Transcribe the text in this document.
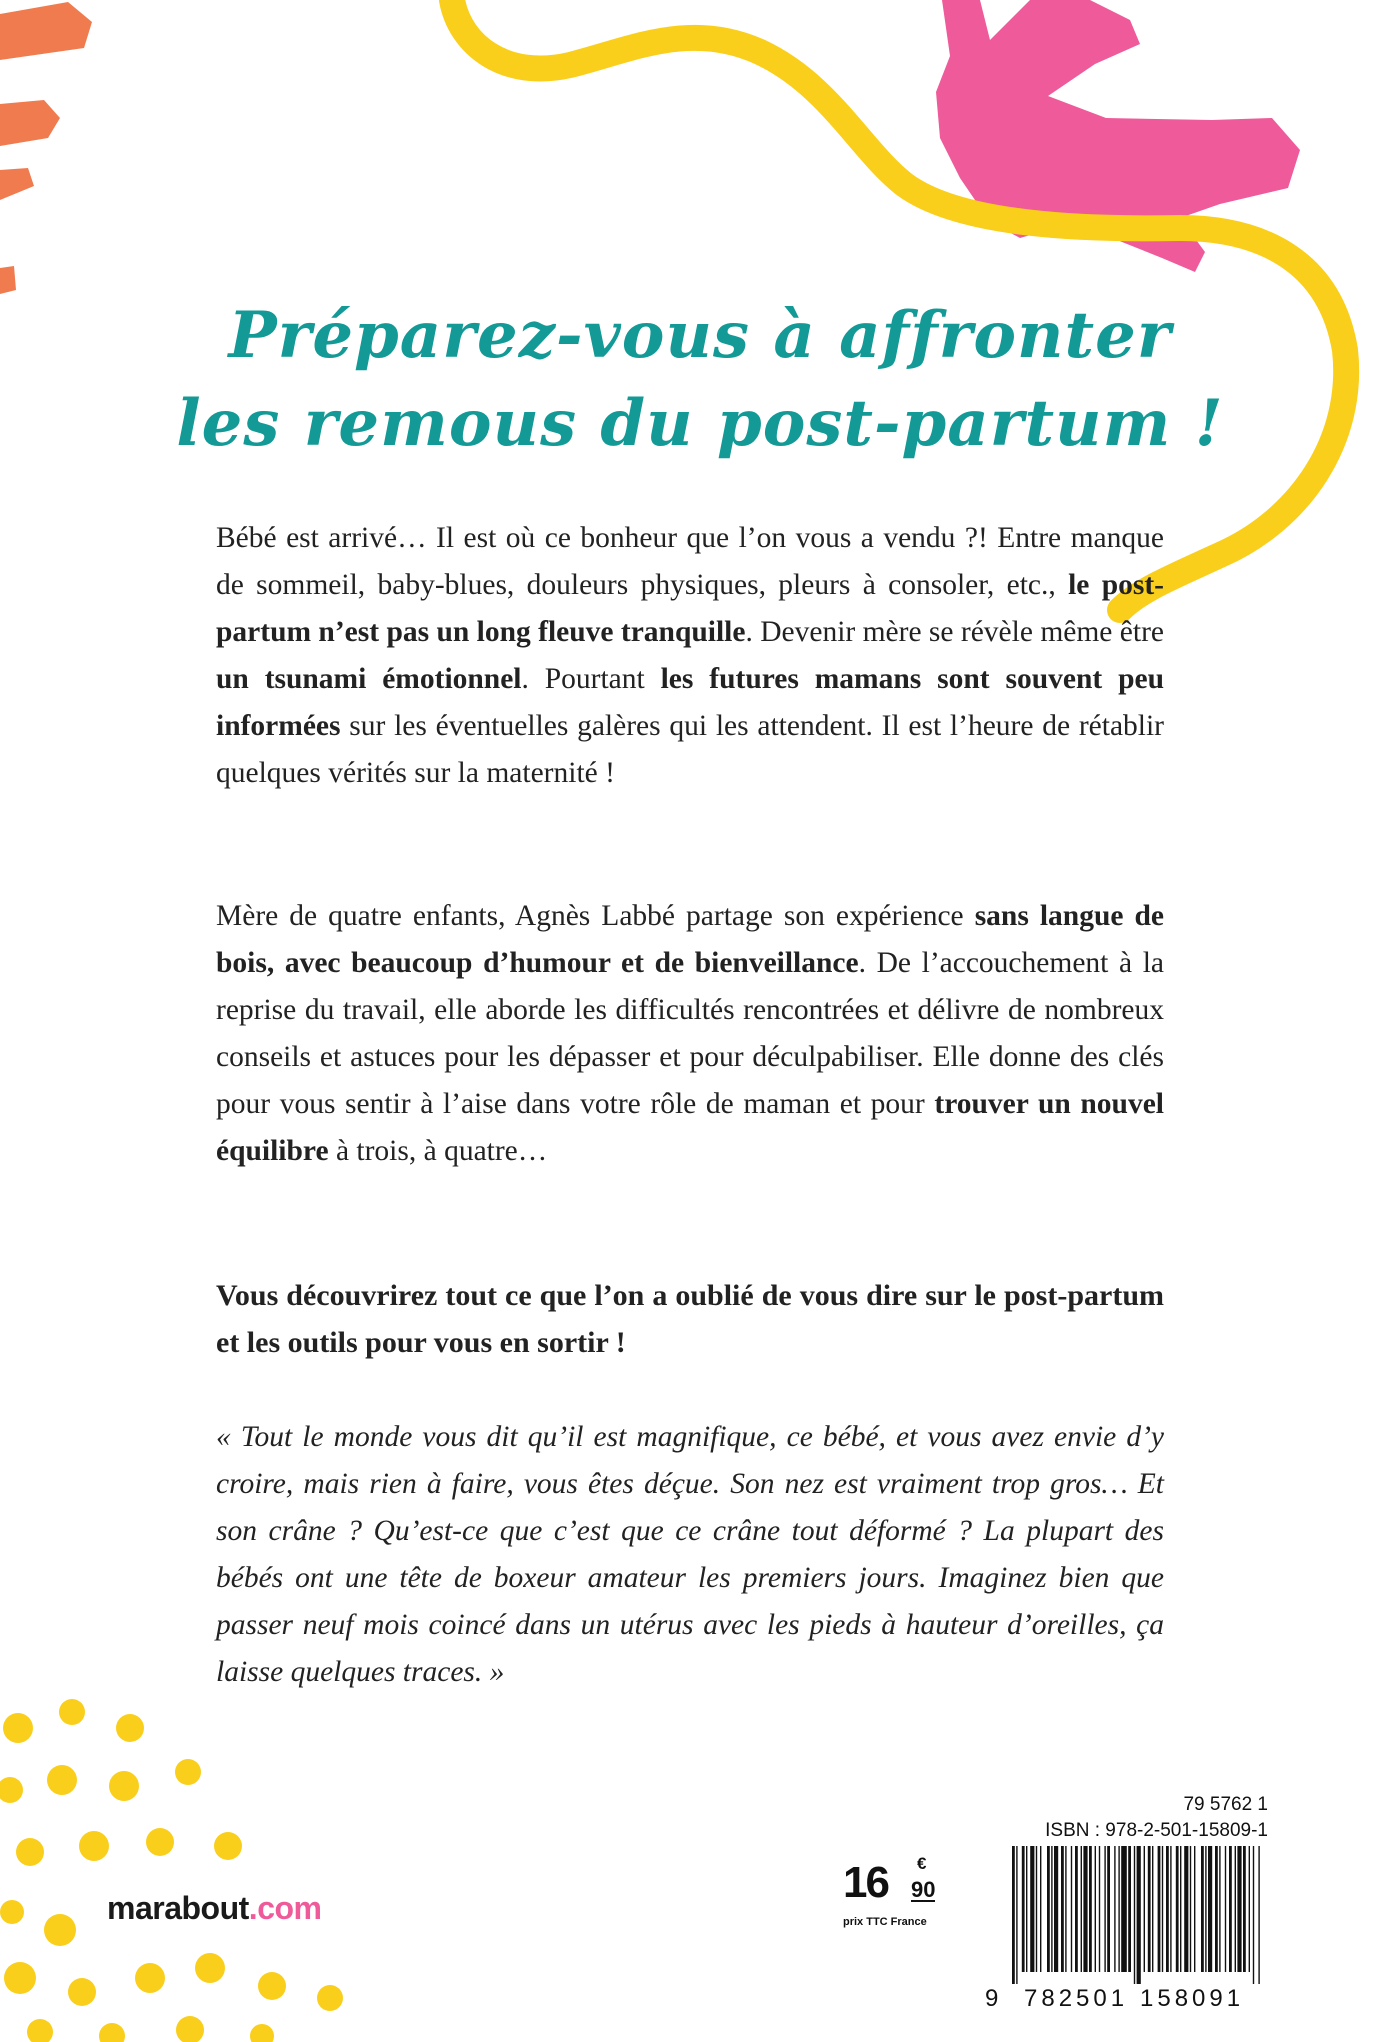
Préparez-vous à affronter
les remous du post-partum !

Bébé est arrivé… Il est où ce bonheur que l’on vous a vendu ?! Entre manque de sommeil, baby-blues, douleurs physiques, pleurs à consoler, etc., le post-partum n’est pas un long fleuve tranquille. Devenir mère se révèle même être un tsunami émotionnel. Pourtant les futures mamans sont souvent peu informées sur les éventuelles galères qui les attendent. Il est l’heure de rétablir quelques vérités sur la maternité !

Mère de quatre enfants, Agnès Labbé partage son expérience sans langue de bois, avec beaucoup d’humour et de bienveillance. De l’accouchement à la reprise du travail, elle aborde les difficultés rencontrées et délivre de nombreux conseils et astuces pour les dépasser et pour déculpabiliser. Elle donne des clés pour vous sentir à l’aise dans votre rôle de maman et pour trouver un nouvel équilibre à trois, à quatre…

Vous découvrirez tout ce que l’on a oublié de vous dire sur le post-partum et les outils pour vous en sortir !

« Tout le monde vous dit qu’il est magnifique, ce bébé, et vous avez envie d’y croire, mais rien à faire, vous êtes déçue. Son nez est vraiment trop gros… Et son crâne ? Qu’est-ce que c’est que ce crâne tout déformé ? La plupart des bébés ont une tête de boxeur amateur les premiers jours. Imaginez bien que passer neuf mois coincé dans un utérus avec les pieds à hauteur d’oreilles, ça laisse quelques traces. »

marabout.com
16 €
90
prix TTC France
79 5762 1
ISBN : 978-2-501-15809-1
9 782501 158091
